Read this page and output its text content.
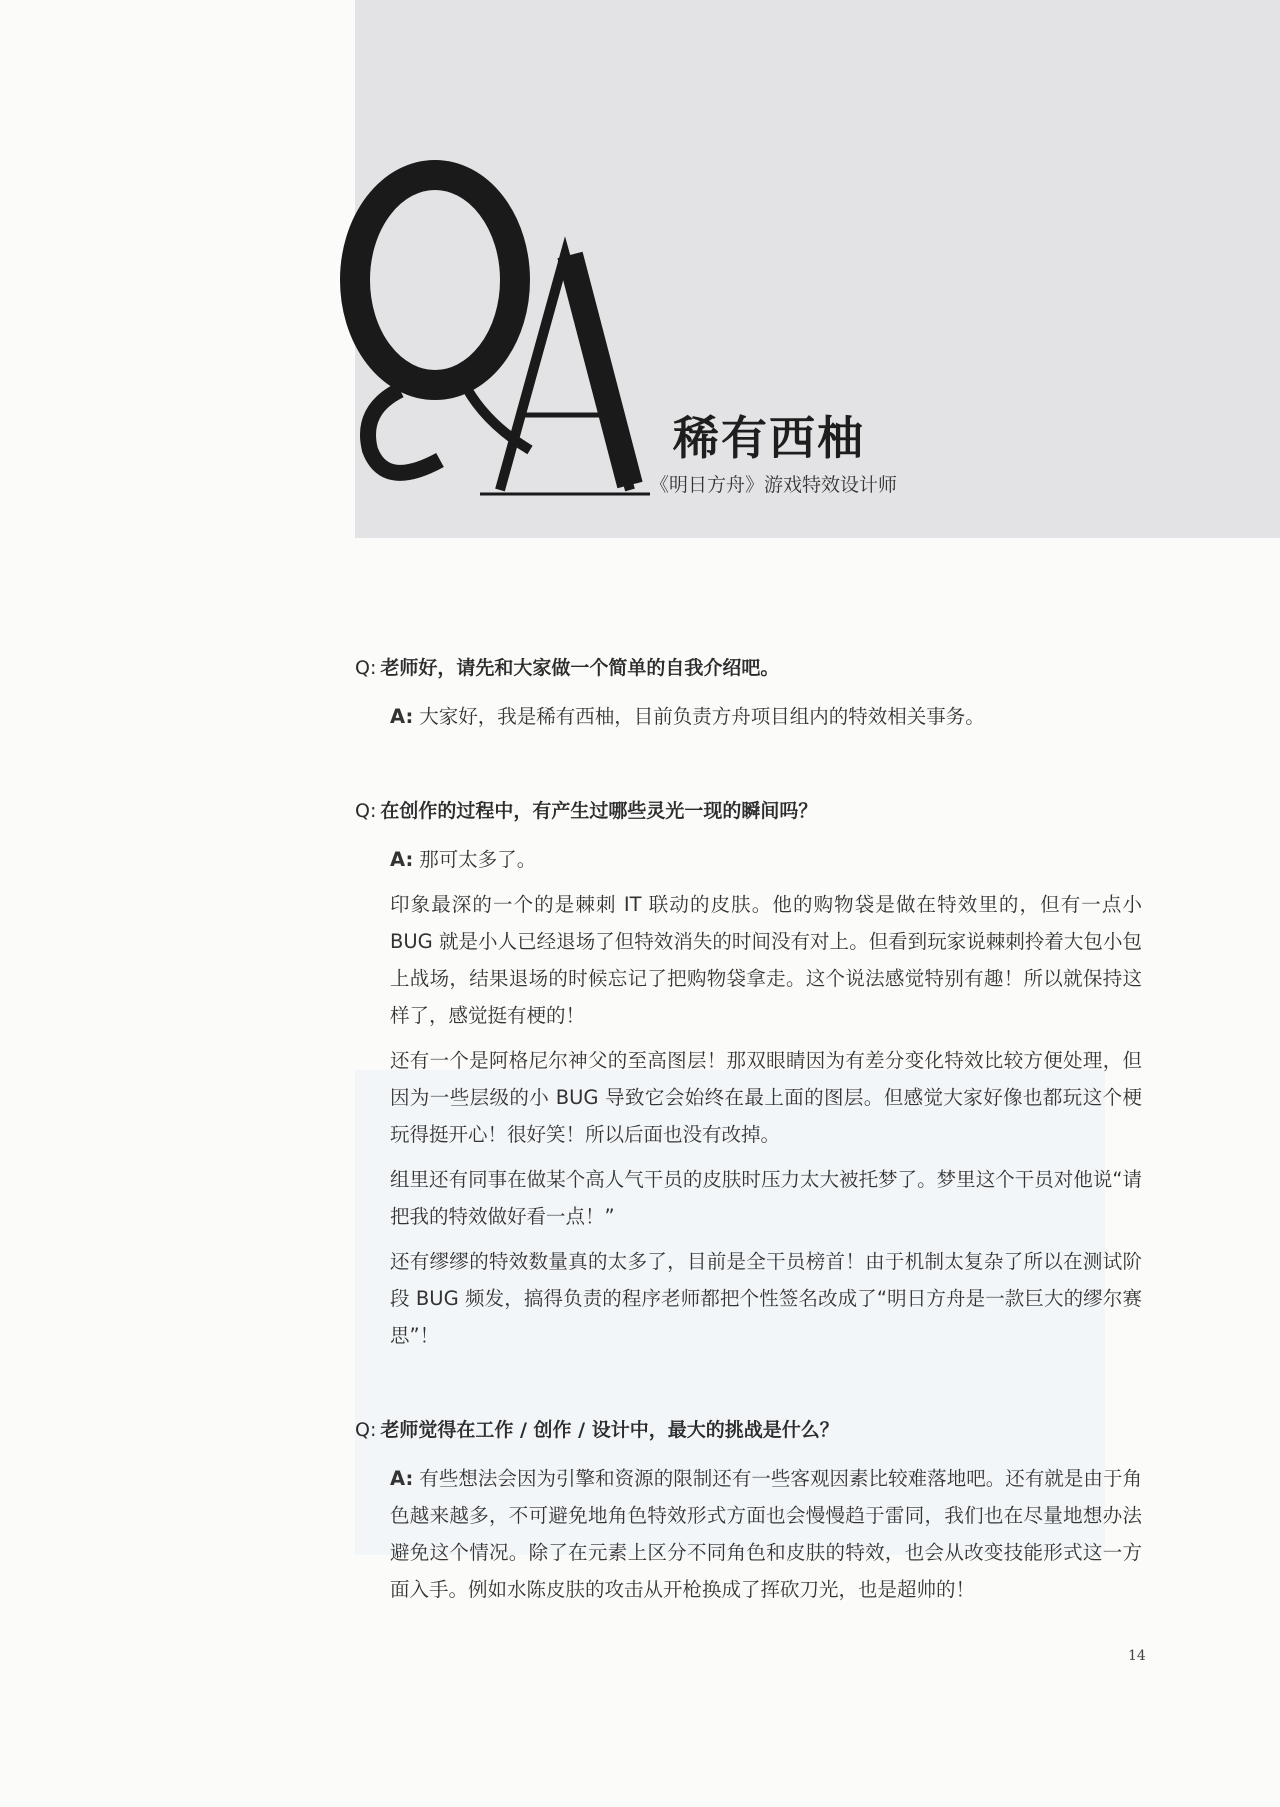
稀有西柚
《明日方舟》游戏特效设计师
Q: 老师好，请先和大家做一个简单的自我介绍吧。

A: 大家好，我是稀有西柚，目前负责方舟项目组内的特效相关事务。

Q: 在创作的过程中，有产生过哪些灵光一现的瞬间吗？

A: 那可太多了。

印象最深的一个的是棘刺 IT 联动的皮肤。他的购物袋是做在特效里的，但有一点小 BUG 就是小人已经退场了但特效消失的时间没有对上。但看到玩家说棘刺拎着大包小包上战场，结果退场的时候忘记了把购物袋拿走。这个说法感觉特别有趣！所以就保持这样了，感觉挺有梗的！

还有一个是阿格尼尔神父的至高图层！那双眼睛因为有差分变化特效比较方便处理，但因为一些层级的小 BUG 导致它会始终在最上面的图层。但感觉大家好像也都玩这个梗玩得挺开心！很好笑！所以后面也没有改掉。

组里还有同事在做某个高人气干员的皮肤时压力太大被托梦了。梦里这个干员对他说“请把我的特效做好看一点！”

还有缪缪的特效数量真的太多了，目前是全干员榜首！由于机制太复杂了所以在测试阶段 BUG 频发，搞得负责的程序老师都把个性签名改成了“明日方舟是一款巨大的缪尔赛思”！

Q: 老师觉得在工作 / 创作 / 设计中，最大的挑战是什么？

A: 有些想法会因为引擎和资源的限制还有一些客观因素比较难落地吧。还有就是由于角色越来越多，不可避免地角色特效形式方面也会慢慢趋于雷同，我们也在尽量地想办法避免这个情况。除了在元素上区分不同角色和皮肤的特效，也会从改变技能形式这一方面入手。例如水陈皮肤的攻击从开枪换成了挥砍刀光，也是超帅的！

14
